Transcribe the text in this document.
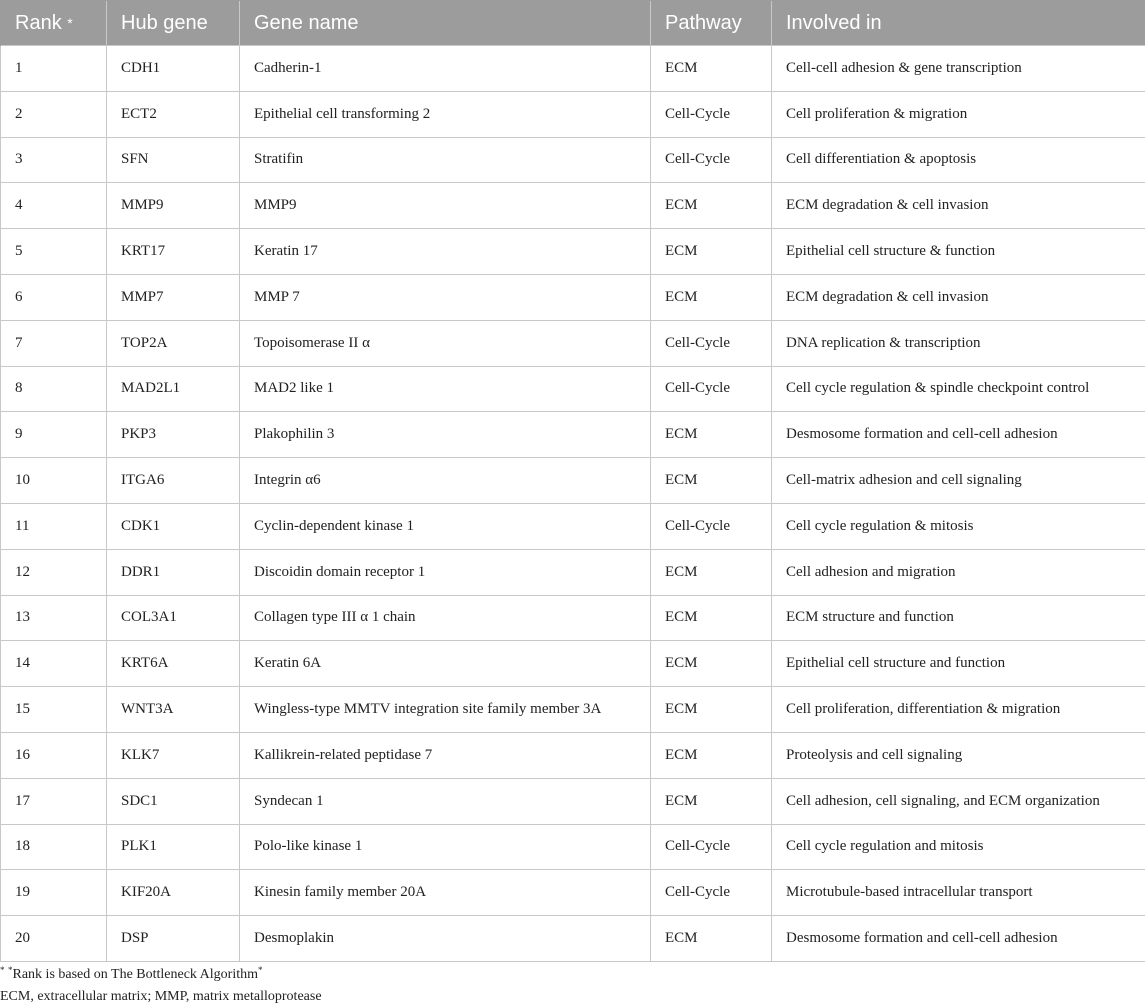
Rank *	Hub gene	Gene name	Pathway	Involved in
1	CDH1	Cadherin-1	ECM	Cell-cell adhesion & gene transcription
2	ECT2	Epithelial cell transforming 2	Cell-Cycle	Cell proliferation & migration
3	SFN	Stratifin	Cell-Cycle	Cell differentiation & apoptosis
4	MMP9	MMP9	ECM	ECM degradation & cell invasion
5	KRT17	Keratin 17	ECM	Epithelial cell structure & function
6	MMP7	MMP 7	ECM	ECM degradation & cell invasion
7	TOP2A	Topoisomerase II α	Cell-Cycle	DNA replication & transcription
8	MAD2L1	MAD2 like 1	Cell-Cycle	Cell cycle regulation & spindle checkpoint control
9	PKP3	Plakophilin 3	ECM	Desmosome formation and cell-cell adhesion
10	ITGA6	Integrin α6	ECM	Cell-matrix adhesion and cell signaling
11	CDK1	Cyclin-dependent kinase 1	Cell-Cycle	Cell cycle regulation & mitosis
12	DDR1	Discoidin domain receptor 1	ECM	Cell adhesion and migration
13	COL3A1	Collagen type III α 1 chain	ECM	ECM structure and function
14	KRT6A	Keratin 6A	ECM	Epithelial cell structure and function
15	WNT3A	Wingless-type MMTV integration site family member 3A	ECM	Cell proliferation, differentiation & migration
16	KLK7	Kallikrein-related peptidase 7	ECM	Proteolysis and cell signaling
17	SDC1	Syndecan 1	ECM	Cell adhesion, cell signaling, and ECM organization
18	PLK1	Polo-like kinase 1	Cell-Cycle	Cell cycle regulation and mitosis
19	KIF20A	Kinesin family member 20A	Cell-Cycle	Microtubule-based intracellular transport
20	DSP	Desmoplakin	ECM	Desmosome formation and cell-cell adhesion
* *Rank is based on The Bottleneck Algorithm*
ECM, extracellular matrix; MMP, matrix metalloprotease
